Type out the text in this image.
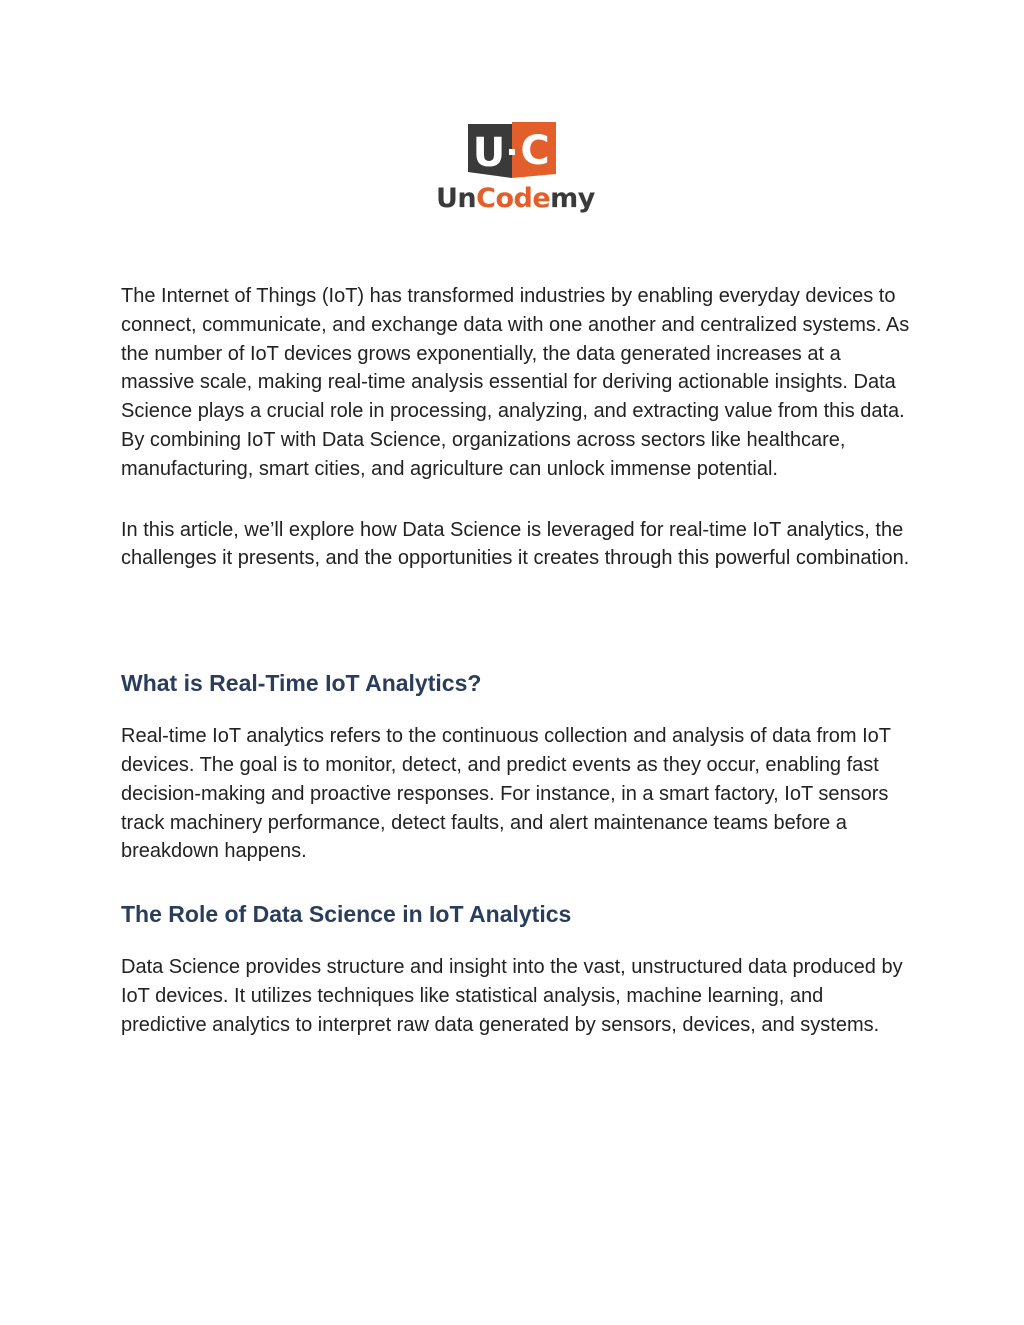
U C
UnCodemy

The Internet of Things (IoT) has transformed industries by enabling everyday devices to connect, communicate, and exchange data with one another and centralized systems. As the number of IoT devices grows exponentially, the data generated increases at a massive scale, making real-time analysis essential for deriving actionable insights. Data Science plays a crucial role in processing, analyzing, and extracting value from this data. By combining IoT with Data Science, organizations across sectors like healthcare, manufacturing, smart cities, and agriculture can unlock immense potential.

In this article, we’ll explore how Data Science is leveraged for real-time IoT analytics, the challenges it presents, and the opportunities it creates through this powerful combination.

What is Real-Time IoT Analytics?

Real-time IoT analytics refers to the continuous collection and analysis of data from IoT devices. The goal is to monitor, detect, and predict events as they occur, enabling fast decision-making and proactive responses. For instance, in a smart factory, IoT sensors track machinery performance, detect faults, and alert maintenance teams before a breakdown happens.

The Role of Data Science in IoT Analytics

Data Science provides structure and insight into the vast, unstructured data produced by IoT devices. It utilizes techniques like statistical analysis, machine learning, and predictive analytics to interpret raw data generated by sensors, devices, and systems.
